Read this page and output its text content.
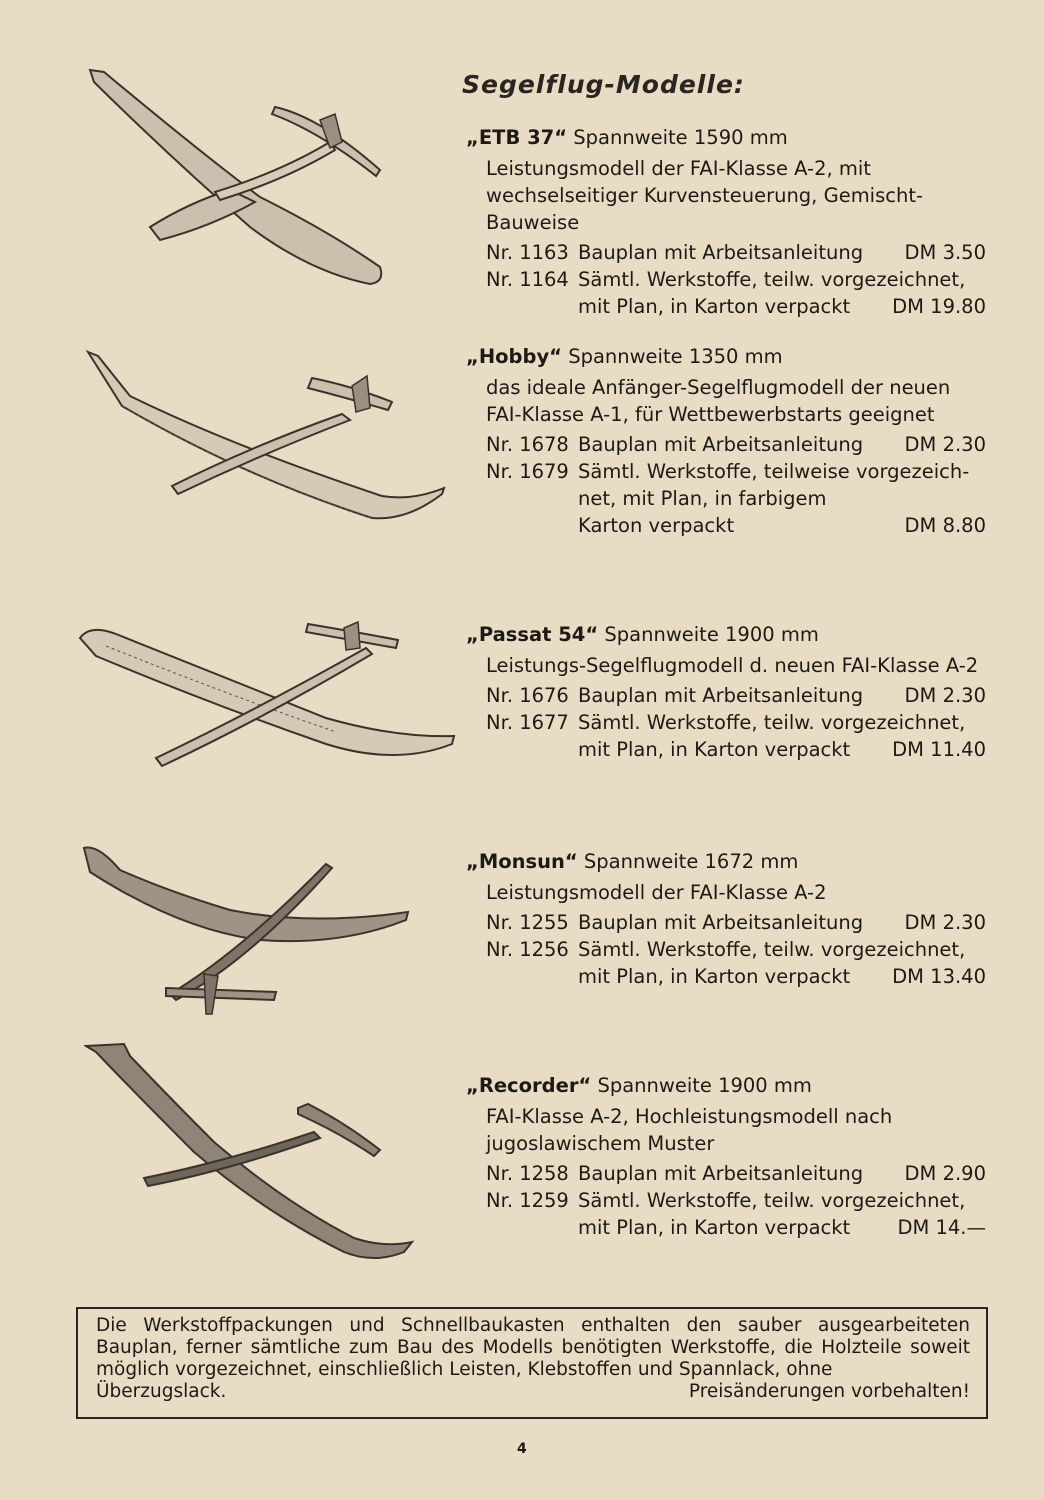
Segelflug-Modelle:
„ETB 37“ Spannweite 1590 mm
Leistungsmodell der FAI-Klasse A-2, mit wechselseitiger Kurvensteuerung, Gemischt-Bauweise
Nr. 1163 Bauplan mit Arbeitsanleitung	DM 3.50
Nr. 1164 Sämtl. Werkstoffe, teilw. vorgezeichnet,
mit Plan, in Karton verpackt	DM 19.80
„Hobby“ Spannweite 1350 mm
das ideale Anfänger-Segelflugmodell der neuen FAI-Klasse A-1, für Wettbewerbstarts geeignet
Nr. 1678 Bauplan mit Arbeitsanleitung	DM 2.30
Nr. 1679 Sämtl. Werkstoffe, teilweise vorgezeich-
net, mit Plan, in farbigem Karton verpackt	DM 8.80
„Passat 54“ Spannweite 1900 mm
Leistungs-Segelflugmodell d. neuen FAI-Klasse A-2
Nr. 1676 Bauplan mit Arbeitsanleitung	DM 2.30
Nr. 1677 Sämtl. Werkstoffe, teilw. vorgezeichnet,
mit Plan, in Karton verpackt	DM 11.40
„Monsun“ Spannweite 1672 mm
Leistungsmodell der FAI-Klasse A-2
Nr. 1255 Bauplan mit Arbeitsanleitung	DM 2.30
Nr. 1256 Sämtl. Werkstoffe, teilw. vorgezeichnet,
mit Plan, in Karton verpackt	DM 13.40
„Recorder“ Spannweite 1900 mm
FAI-Klasse A-2, Hochleistungsmodell nach jugoslawischem Muster
Nr. 1258 Bauplan mit Arbeitsanleitung	DM 2.90
Nr. 1259 Sämtl. Werkstoffe, teilw. vorgezeichnet,
mit Plan, in Karton verpackt	DM 14.—
Die Werkstoffpackungen und Schnellbaukasten enthalten den sauber ausgearbeiteten Bauplan, ferner sämtliche zum Bau des Modells benötigten Werkstoffe, die Holzteile soweit möglich vorgezeichnet, einschließlich Leisten, Klebstoffen und Spannlack, ohne
Überzugslack.	Preisänderungen vorbehalten!
4
